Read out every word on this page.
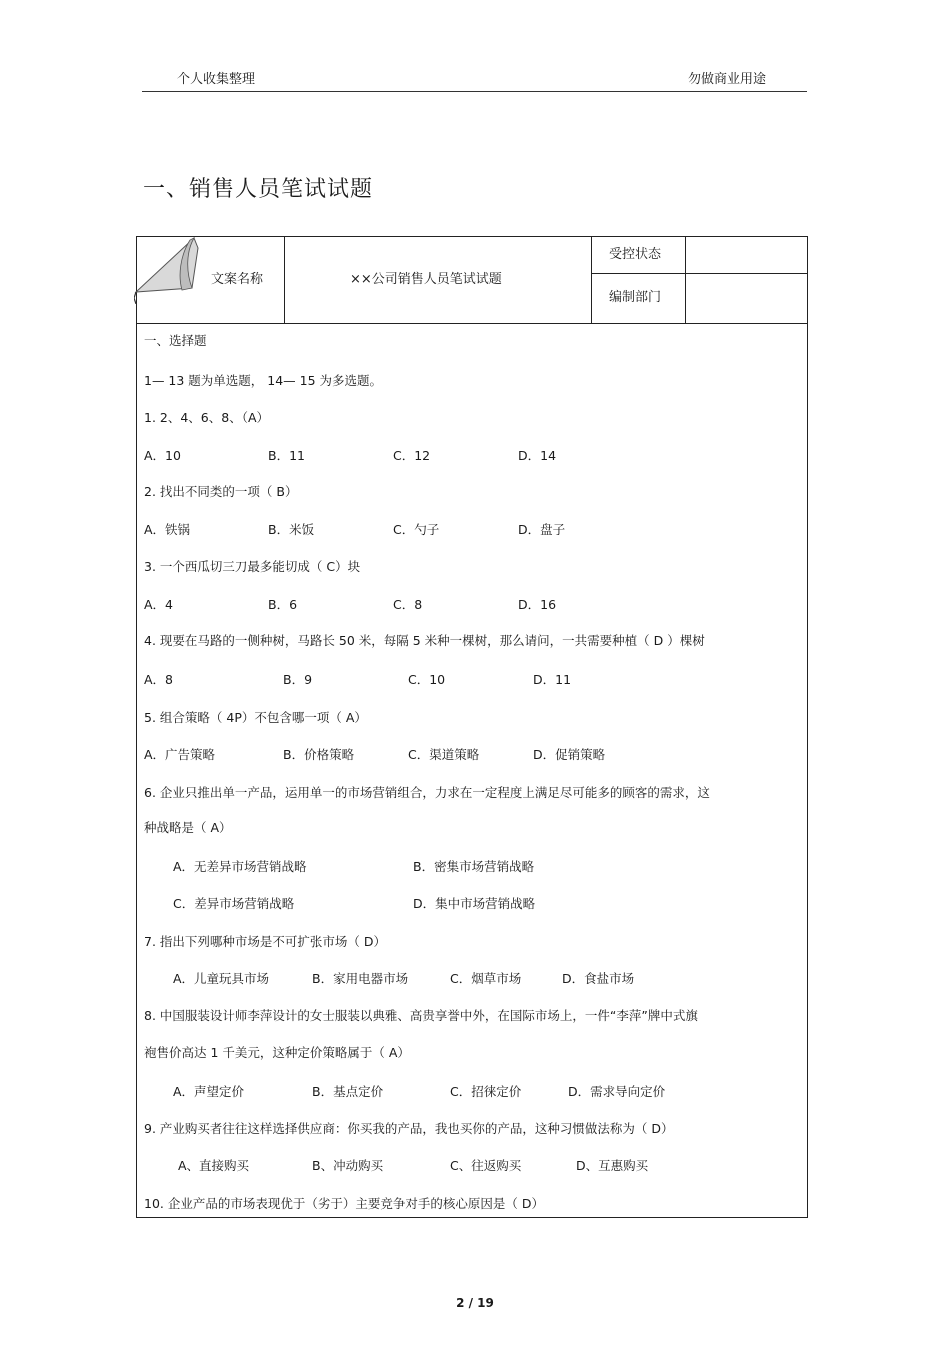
个人收集整理	勿做商业用途
一、销售人员笔试试题
文案名称	××公司销售人员笔试试题
受控状态
编制部门
一、选择题
1— 13 题为单选题， 14— 15 为多选题。
1. 2、4、6、8、（A）
A．10	B．11	C．12	D．14
2. 找出不同类的一项（ B）
A．铁锅	B．米饭	C．勺子	D．盘子
3. 一个西瓜切三刀最多能切成（ C）块
A．4	B．6	C．8	D．16
4. 现要在马路的一侧种树，马路长 50 米，每隔 5 米种一棵树，那么请问，一共需要种植（ D ）棵树
A．8	B．9	C．10	D．11
5. 组合策略（ 4P）不包含哪一项（ A）
A．广告策略	B．价格策略	C．渠道策略	D．促销策略
6. 企业只推出单一产品，运用单一的市场营销组合，力求在一定程度上满足尽可能多的顾客的需求，这
种战略是（ A）
A．无差异市场营销战略	B．密集市场营销战略
C．差异市场营销战略	D．集中市场营销战略
7. 指出下列哪种市场是不可扩张市场（ D）
A．儿童玩具市场	B．家用电器市场	C．烟草市场	D．食盐市场
8. 中国服装设计师李萍设计的女士服装以典雅、高贵享誉中外，在国际市场上，一件“李萍”牌中式旗
袍售价高达 1 千美元，这种定价策略属于（ A）
A．声望定价	B．基点定价	C．招徕定价	D．需求导向定价
9. 产业购买者往往这样选择供应商：你买我的产品，我也买你的产品，这种习惯做法称为（ D）
A、直接购买	B、冲动购买	C、往返购买	D、互惠购买
10. 企业产品的市场表现优于（劣于）主要竞争对手的核心原因是（ D）
2 / 19
